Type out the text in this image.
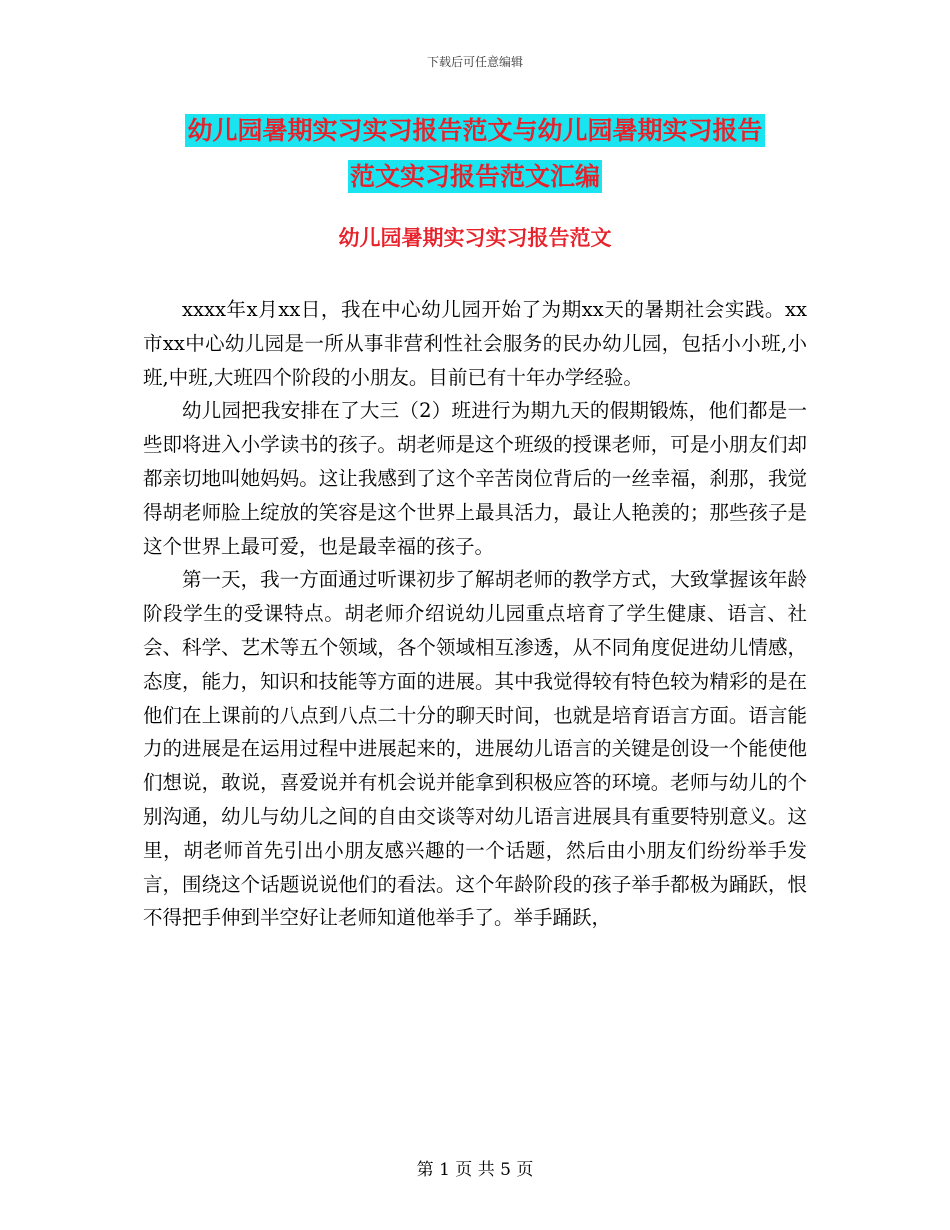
下载后可任意编辑
幼儿园暑期实习实习报告范文与幼儿园暑期实习报告
范文实习报告范文汇编
幼儿园暑期实习实习报告范文

xxxx年x月xx日，我在中心幼儿园开始了为期xx天的暑期社会实践。xx市xx中心幼儿园是一所从事非营利性社会服务的民办幼儿园，包括小小班,小班,中班,大班四个阶段的小朋友。目前已有十年办学经验。

幼儿园把我安排在了大三（2）班进行为期九天的假期锻炼，他们都是一些即将进入小学读书的孩子。胡老师是这个班级的授课老师，可是小朋友们却都亲切地叫她妈妈。这让我感到了这个辛苦岗位背后的一丝幸福，刹那，我觉得胡老师脸上绽放的笑容是这个世界上最具活力，最让人艳羡的；那些孩子是这个世界上最可爱，也是最幸福的孩子。

第一天，我一方面通过听课初步了解胡老师的教学方式，大致掌握该年龄阶段学生的受课特点。胡老师介绍说幼儿园重点培育了学生健康、语言、社会、科学、艺术等五个领域，各个领域相互渗透，从不同角度促进幼儿情感，态度，能力，知识和技能等方面的进展。其中我觉得较有特色较为精彩的是在他们在上课前的八点到八点二十分的聊天时间，也就是培育语言方面。语言能力的进展是在运用过程中进展起来的，进展幼儿语言的关键是创设一个能使他们想说，敢说，喜爱说并有机会说并能拿到积极应答的环境。老师与幼儿的个别沟通，幼儿与幼儿之间的自由交谈等对幼儿语言进展具有重要特别意义。这里，胡老师首先引出小朋友感兴趣的一个话题，然后由小朋友们纷纷举手发言，围绕这个话题说说他们的看法。这个年龄阶段的孩子举手都极为踊跃，恨不得把手伸到半空好让老师知道他举手了。举手踊跃，

第 1 页 共 5 页
